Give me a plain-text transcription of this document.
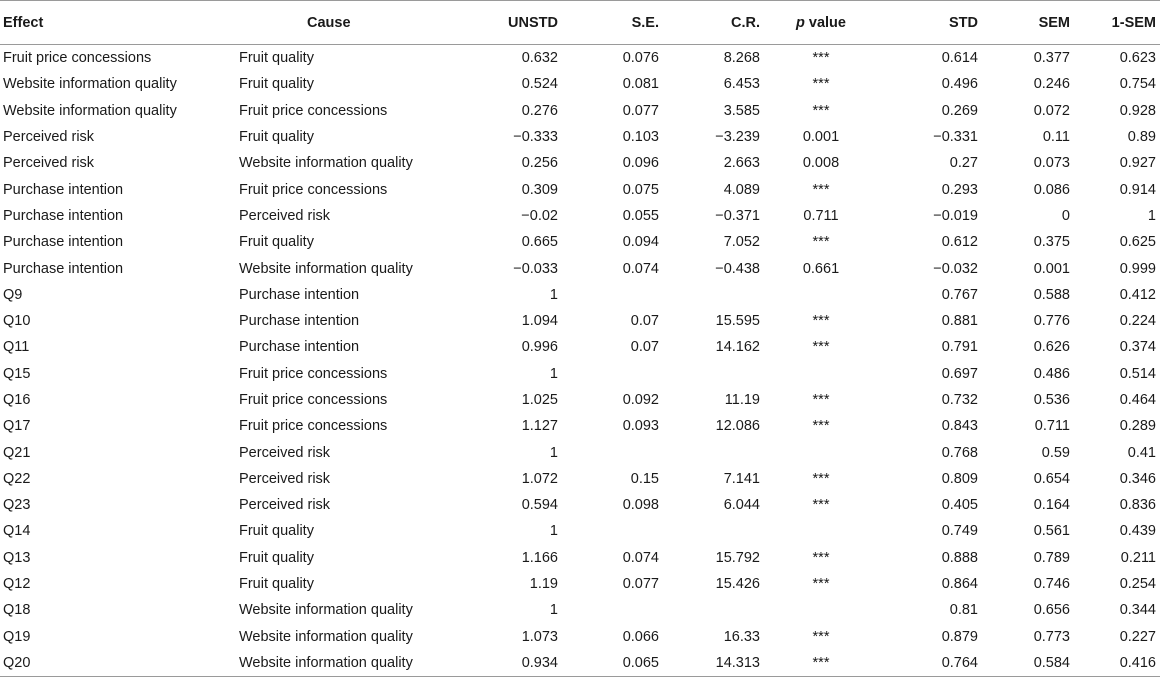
Effect	Cause	UNSTD	S.E.	C.R.	p value	STD	SEM	1-SEM
Fruit price concessions	Fruit quality	0.632	0.076	8.268	***	0.614	0.377	0.623
Website information quality	Fruit quality	0.524	0.081	6.453	***	0.496	0.246	0.754
Website information quality	Fruit price concessions	0.276	0.077	3.585	***	0.269	0.072	0.928
Perceived risk	Fruit quality	−0.333	0.103	−3.239	0.001	−0.331	0.11	0.89
Perceived risk	Website information quality	0.256	0.096	2.663	0.008	0.27	0.073	0.927
Purchase intention	Fruit price concessions	0.309	0.075	4.089	***	0.293	0.086	0.914
Purchase intention	Perceived risk	−0.02	0.055	−0.371	0.711	−0.019	0	1
Purchase intention	Fruit quality	0.665	0.094	7.052	***	0.612	0.375	0.625
Purchase intention	Website information quality	−0.033	0.074	−0.438	0.661	−0.032	0.001	0.999
Q9	Purchase intention	1				0.767	0.588	0.412
Q10	Purchase intention	1.094	0.07	15.595	***	0.881	0.776	0.224
Q11	Purchase intention	0.996	0.07	14.162	***	0.791	0.626	0.374
Q15	Fruit price concessions	1				0.697	0.486	0.514
Q16	Fruit price concessions	1.025	0.092	11.19	***	0.732	0.536	0.464
Q17	Fruit price concessions	1.127	0.093	12.086	***	0.843	0.711	0.289
Q21	Perceived risk	1				0.768	0.59	0.41
Q22	Perceived risk	1.072	0.15	7.141	***	0.809	0.654	0.346
Q23	Perceived risk	0.594	0.098	6.044	***	0.405	0.164	0.836
Q14	Fruit quality	1				0.749	0.561	0.439
Q13	Fruit quality	1.166	0.074	15.792	***	0.888	0.789	0.211
Q12	Fruit quality	1.19	0.077	15.426	***	0.864	0.746	0.254
Q18	Website information quality	1				0.81	0.656	0.344
Q19	Website information quality	1.073	0.066	16.33	***	0.879	0.773	0.227
Q20	Website information quality	0.934	0.065	14.313	***	0.764	0.584	0.416
